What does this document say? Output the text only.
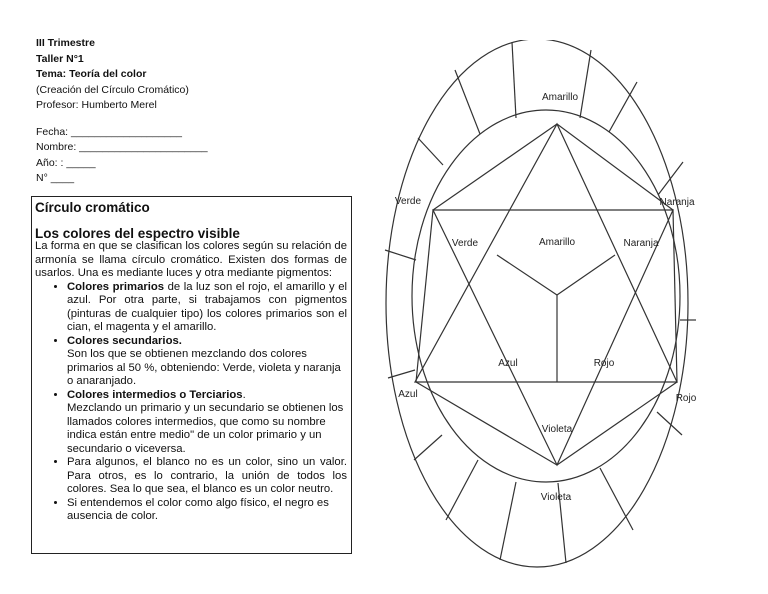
III Trimestre
Taller N°1
Tema: Teoría del color
(Creación del Círculo Cromático)
Profesor: Humberto Merel
Fecha: ___________________
Nombre: ______________________
Año: : _____
N° ____
Círculo cromático
Los colores del espectro visible

La forma en que se clasifican los colores según su relación de armonía se llama círculo cromático. Existen dos formas de usarlos. Una es mediante luces y otra mediante pigmentos:

• Colores primarios de la luz son el rojo, el amarillo y el azul. Por otra parte, si trabajamos con pigmentos (pinturas de cualquier tipo) los colores primarios son el cian, el magenta y el amarillo.
• Colores secundarios.
Son los que se obtienen mezclando dos colores primarios al 50 %, obteniendo: Verde, violeta y naranja o anaranjado.
• Colores intermedios o Terciarios.
Mezclando un primario y un secundario se obtienen los llamados colores intermedios, que como su nombre indica están entre medio" de un color primario y un secundario o viceversa.
• Para algunos, el blanco no es un color, sino un valor. Para otros, es lo contrario, la unión de todos los colores. Sea lo que sea, el blanco es un color neutro.
• Si entendemos el color como algo físico, el negro es ausencia de color.
Amarillo
Naranja
Rojo
Violeta
Azul
Verde
Amarillo
Verde	Naranja
Azul	Rojo
Violeta
